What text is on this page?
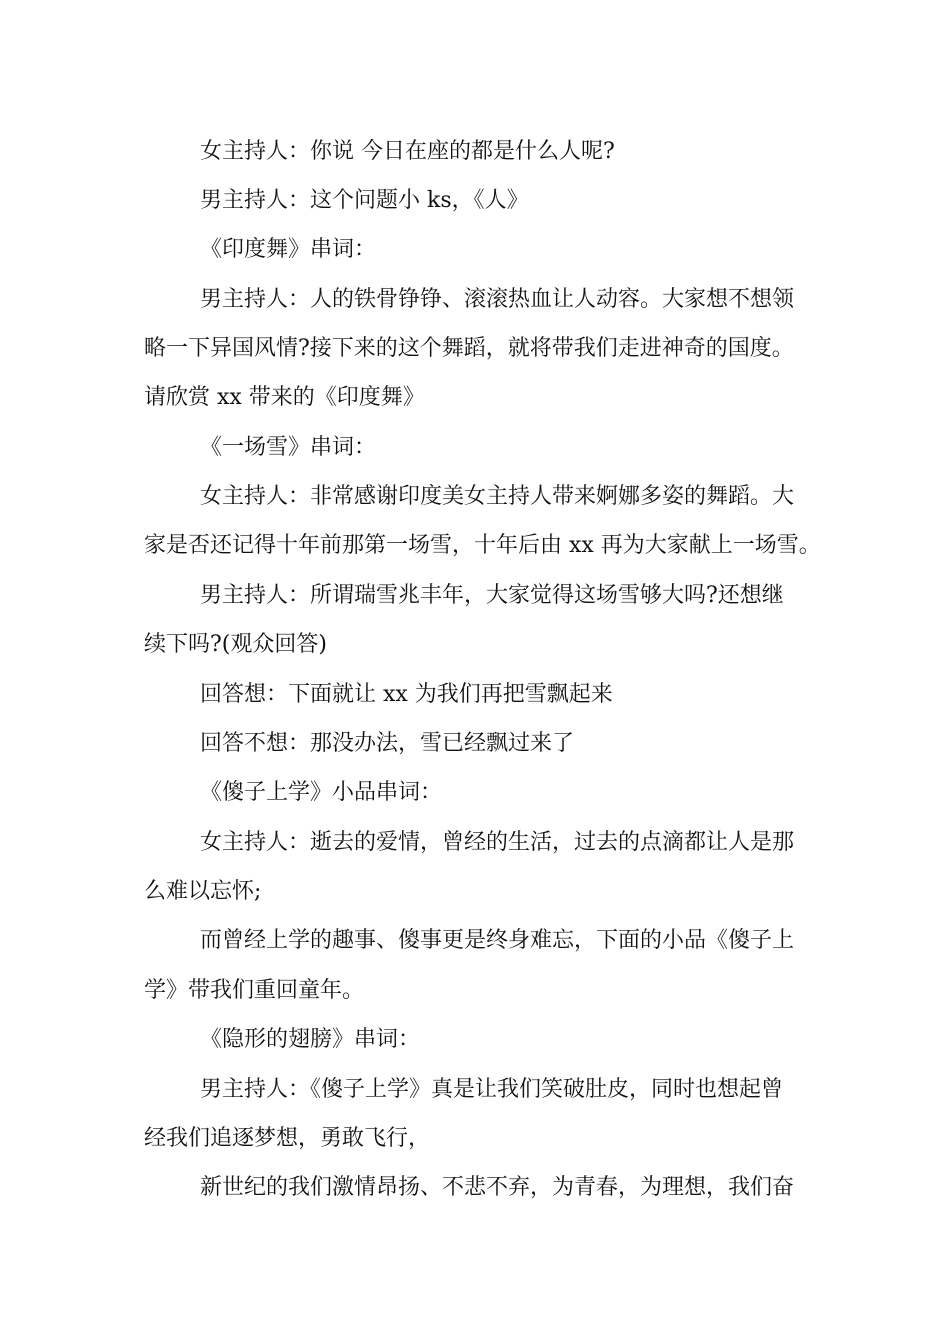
女主持人：你说 今日在座的都是什么人呢?
男主持人：这个问题小 ks，《人》
《印度舞》串词：
男主持人：人的铁骨铮铮、滚滚热血让人动容。大家想不想领
略一下异国风情?接下来的这个舞蹈，就将带我们走进神奇的国度。
请欣赏 xx 带来的《印度舞》
《一场雪》串词：
女主持人：非常感谢印度美女主持人带来婀娜多姿的舞蹈。大
家是否还记得十年前那第一场雪，十年后由 xx 再为大家献上一场雪。
男主持人：所谓瑞雪兆丰年，大家觉得这场雪够大吗?还想继
续下吗?(观众回答)
回答想：下面就让 xx 为我们再把雪飘起来
回答不想：那没办法，雪已经飘过来了
《傻子上学》小品串词：
女主持人：逝去的爱情，曾经的生活，过去的点滴都让人是那
么难以忘怀;
而曾经上学的趣事、傻事更是终身难忘，下面的小品《傻子上
学》带我们重回童年。
《隐形的翅膀》串词：
男主持人：《傻子上学》真是让我们笑破肚皮，同时也想起曾
经我们追逐梦想，勇敢飞行，
新世纪的我们激情昂扬、不悲不弃，为青春，为理想，我们奋
